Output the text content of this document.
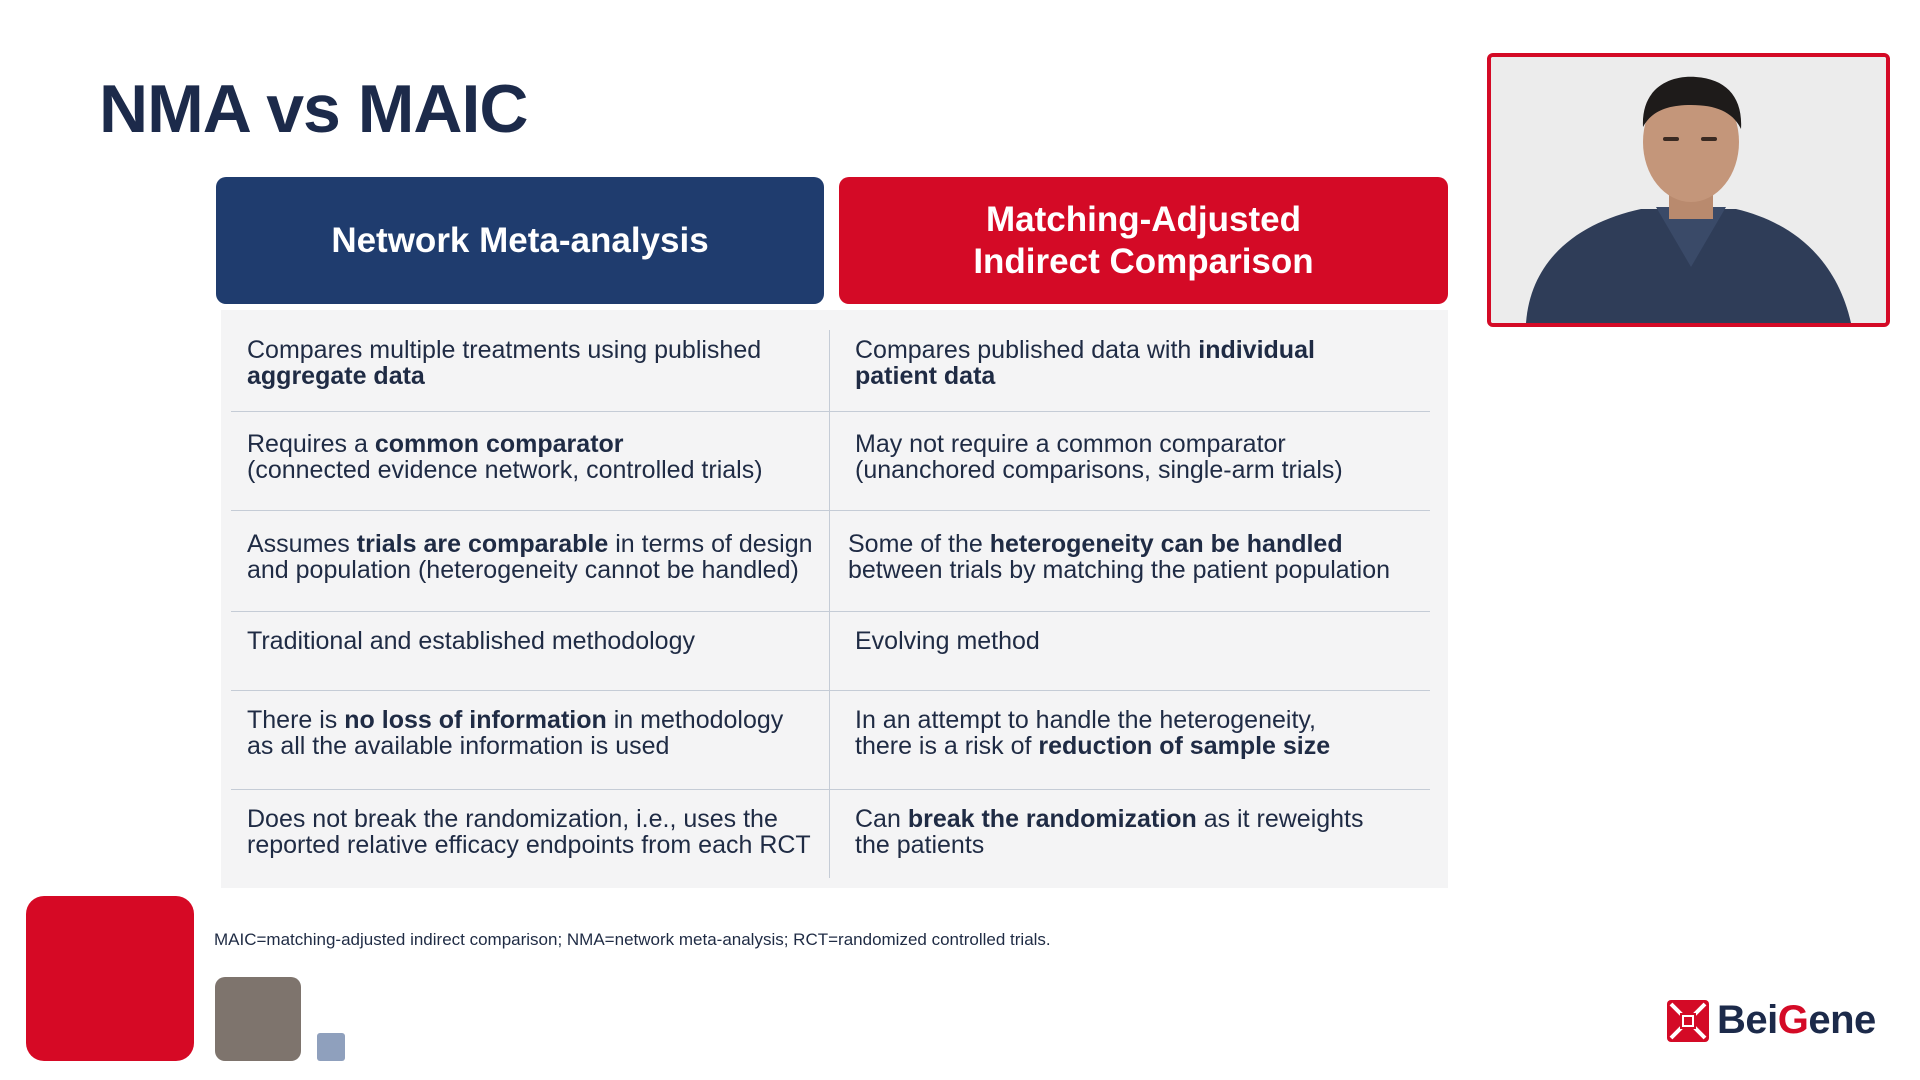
NMA vs MAIC
Network Meta-analysis
Matching-Adjusted
Indirect Comparison
Compares multiple treatments using published
aggregate data
Compares published data with individual
patient data
Requires a common comparator
(connected evidence network, controlled trials)
May not require a common comparator
(unanchored comparisons, single-arm trials)
Assumes trials are comparable in terms of design
and population (heterogeneity cannot be handled)
Some of the heterogeneity can be handled
between trials by matching the patient population
Traditional and established methodology	Evolving method
There is no loss of information in methodology
as all the available information is used
In an attempt to handle the heterogeneity,
there is a risk of reduction of sample size
Does not break the randomization, i.e., uses the
reported relative efficacy endpoints from each RCT
Can break the randomization as it reweights
the patients
MAIC=matching-adjusted indirect comparison; NMA=network meta-analysis; RCT=randomized controlled trials.
BeiGene
